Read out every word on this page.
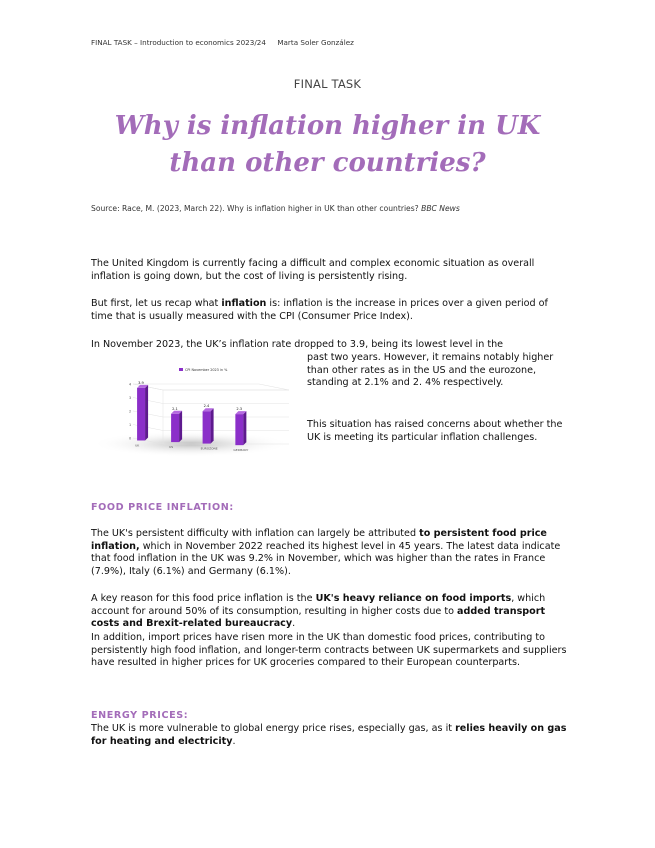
FINAL TASK – Introduction to economics 2023/24     Marta Soler González
FINAL TASK
Why is inflation higher in UK than other countries?
Source: Race, M. (2023, March 22). Why is inflation higher in UK than other countries? BBC News
The United Kingdom is currently facing a difficult and complex economic situation as overall inflation is going down, but the cost of living is persistently rising.
But first, let us recap what inflation is: inflation is the increase in prices over a given period of time that is usually measured with the CPI (Consumer Price Index).
In November 2023, the UK’s inflation rate dropped to 3.9, being its lowest level in the
past two years. However, it remains notably higher than other rates as in the US and the eurozone, standing at 2.1% and 2. 4% respectively.
This situation has raised concerns about whether the UK is meeting its particular inflation challenges.
4
3
2
1
0
3.9
UK
2.1
US
2.4
EUROZONE
2.3
GERMANY
CPI November 2023 in %
FOOD PRICE INFLATION:
The UK's persistent difficulty with inflation can largely be attributed to persistent food price inflation, which in November 2022 reached its highest level in 45 years. The latest data indicate that food inflation in the UK was 9.2% in November, which was higher than the rates in France (7.9%), Italy (6.1%) and Germany (6.1%).
A key reason for this food price inflation is the UK's heavy reliance on food imports, which account for around 50% of its consumption, resulting in higher costs due to added transport costs and Brexit-related bureaucracy.
In addition, import prices have risen more in the UK than domestic food prices, contributing to persistently high food inflation, and longer-term contracts between UK supermarkets and suppliers have resulted in higher prices for UK groceries compared to their European counterparts.
ENERGY PRICES:
The UK is more vulnerable to global energy price rises, especially gas, as it relies heavily on gas for heating and electricity.
